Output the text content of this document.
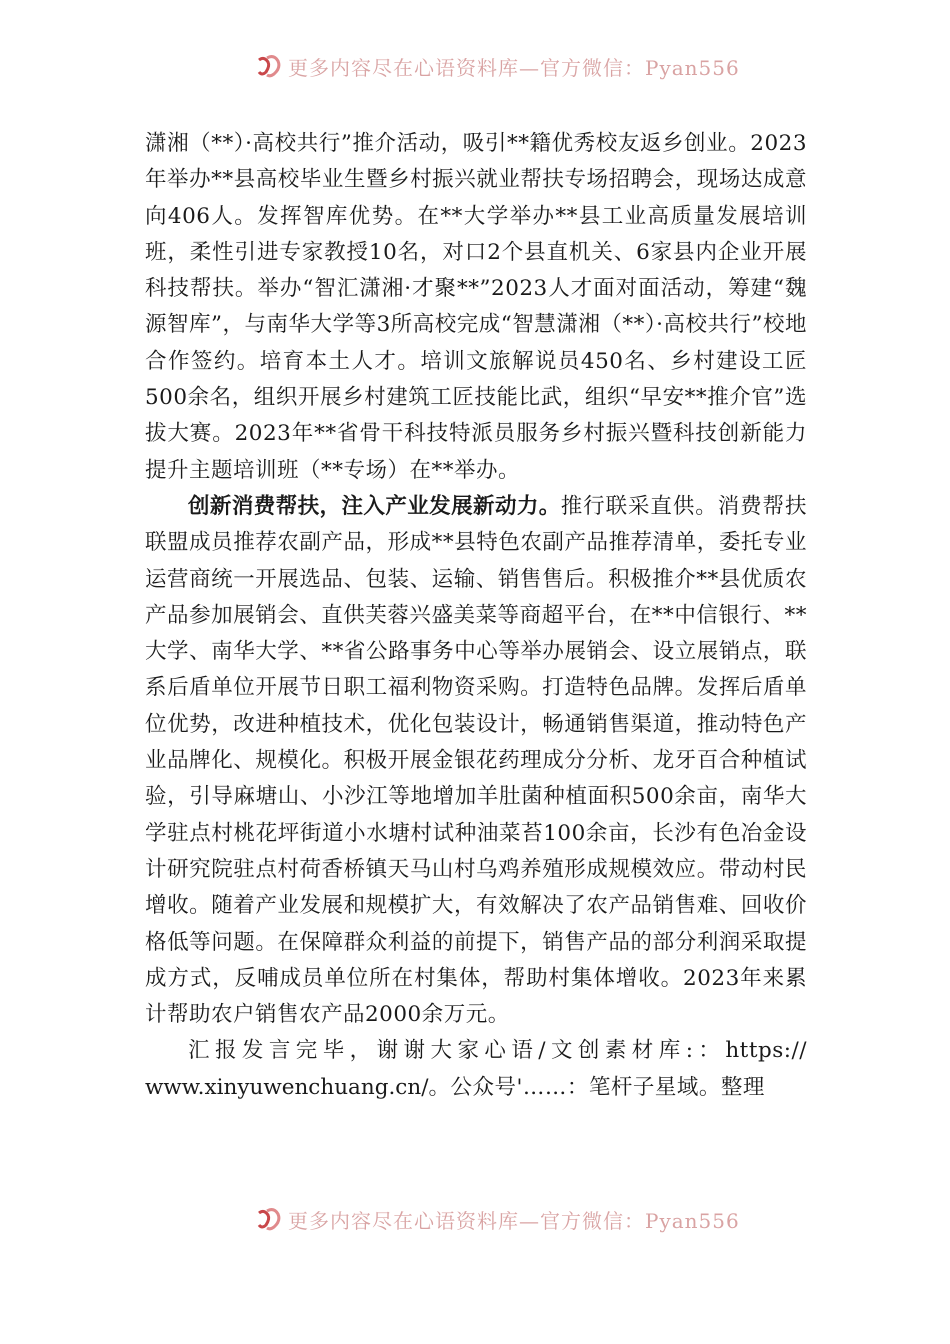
更多内容尽在心语资料库—官方微信：Pyan556

潇湘（**）·高校共行”推介活动，吸引**籍优秀校友返乡创业。2023年举办**县高校毕业生暨乡村振兴就业帮扶专场招聘会，现场达成意向406人。发挥智库优势。在**大学举办**县工业高质量发展培训班，柔性引进专家教授10名，对口2个县直机关、6家县内企业开展科技帮扶。举办“智汇潇湘·才聚**”2023人才面对面活动，筹建“魏源智库”，与南华大学等3所高校完成“智慧潇湘（**）·高校共行”校地合作签约。培育本土人才。培训文旅解说员450名、乡村建设工匠500余名，组织开展乡村建筑工匠技能比武，组织“早安**推介官”选拔大赛。2023年**省骨干科技特派员服务乡村振兴暨科技创新能力提升主题培训班（**专场）在**举办。

创新消费帮扶，注入产业发展新动力。推行联采直供。消费帮扶联盟成员推荐农副产品，形成**县特色农副产品推荐清单，委托专业运营商统一开展选品、包装、运输、销售售后。积极推介**县优质农产品参加展销会、直供芙蓉兴盛美菜等商超平台，在**中信银行、**大学、南华大学、**省公路事务中心等举办展销会、设立展销点，联系后盾单位开展节日职工福利物资采购。打造特色品牌。发挥后盾单位优势，改进种植技术，优化包装设计，畅通销售渠道，推动特色产业品牌化、规模化。积极开展金银花药理成分分析、龙牙百合种植试验，引导麻塘山、小沙江等地增加羊肚菌种植面积500余亩，南华大学驻点村桃花坪街道小水塘村试种油菜苔100余亩，长沙有色冶金设计研究院驻点村荷香桥镇天马山村乌鸡养殖形成规模效应。带动村民增收。随着产业发展和规模扩大，有效解决了农产品销售难、回收价格低等问题。在保障群众利益的前提下，销售产品的部分利润采取提成方式，反哺成员单位所在村集体，帮助村集体增收。2023年来累计帮助农户销售农产品2000余万元。

汇报发言完毕，谢谢大家心语/文创素材库:：https:// www.xinyuwenchuang.cn/。公众号'……：笔杆子星域。整理

更多内容尽在心语资料库—官方微信：Pyan556
